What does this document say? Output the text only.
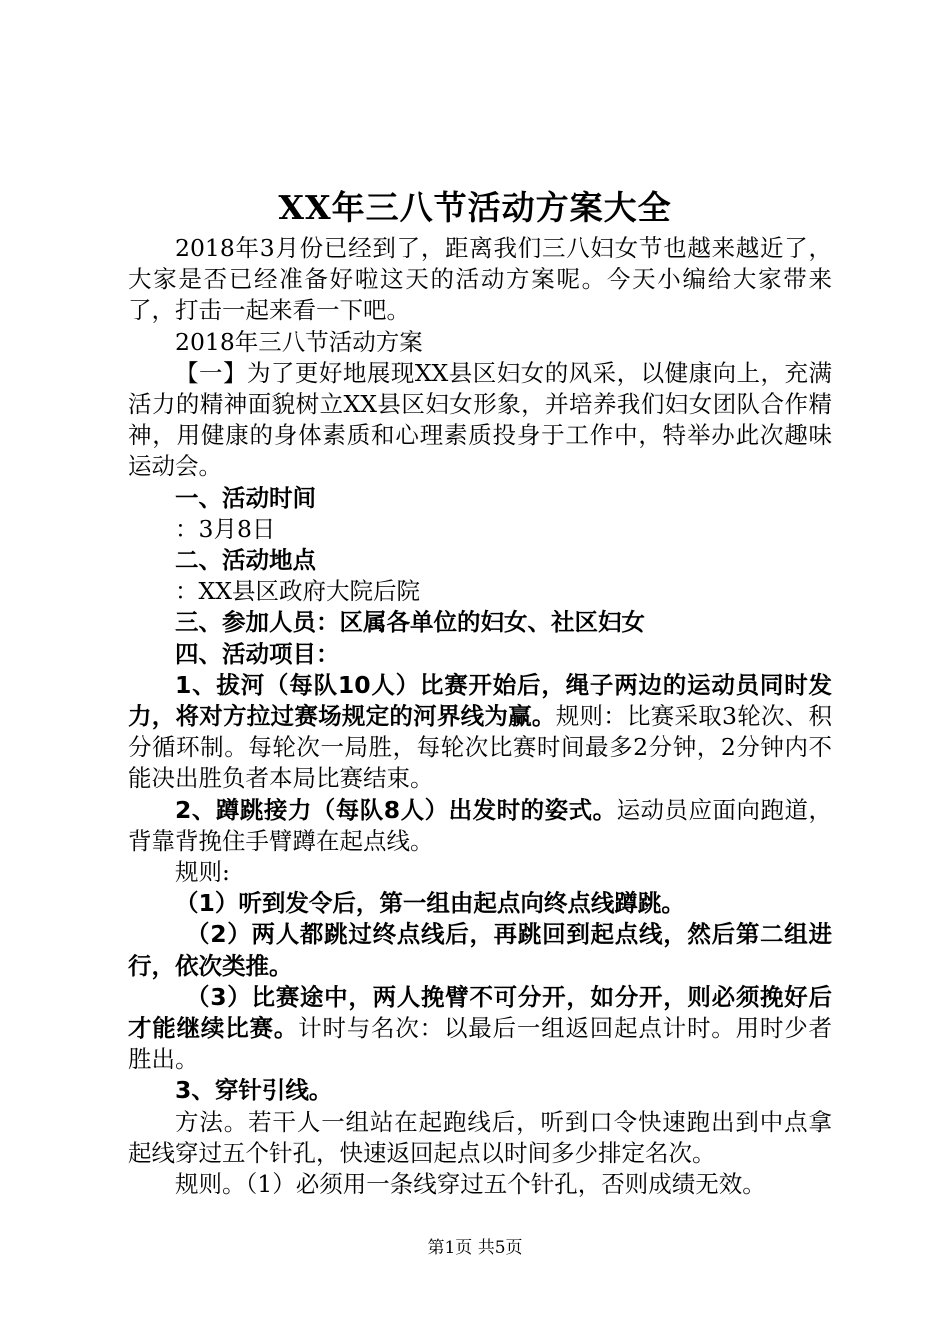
XX年三八节活动方案大全

2018年3月份已经到了，距离我们三八妇女节也越来越近了，大家是否已经准备好啦这天的活动方案呢。今天小编给大家带来了，打击一起来看一下吧。

2018年三八节活动方案

【一】为了更好地展现XX县区妇女的风采，以健康向上，充满活力的精神面貌树立XX县区妇女形象，并培养我们妇女团队合作精神，用健康的身体素质和心理素质投身于工作中，特举办此次趣味运动会。

一、活动时间

：3月8日

二、活动地点

：XX县区政府大院后院

三、参加人员：区属各单位的妇女、社区妇女

四、活动项目：

1、拔河（每队10人）比赛开始后，绳子两边的运动员同时发力，将对方拉过赛场规定的河界线为赢。规则：比赛采取3轮次、积分循环制。每轮次一局胜，每轮次比赛时间最多2分钟，2分钟内不能决出胜负者本局比赛结束。

2、蹲跳接力（每队8人）出发时的姿式。运动员应面向跑道，背靠背挽住手臂蹲在起点线。

规则:

（1）听到发令后，第一组由起点向终点线蹲跳。

（2）两人都跳过终点线后，再跳回到起点线，然后第二组进行，依次类推。

（3）比赛途中，两人挽臂不可分开，如分开，则必须挽好后才能继续比赛。计时与名次：以最后一组返回起点计时。用时少者胜出。

3、穿针引线。

方法。若干人一组站在起跑线后，听到口令快速跑出到中点拿起线穿过五个针孔，快速返回起点以时间多少排定名次。

规则。（1）必须用一条线穿过五个针孔，否则成绩无效。

第1页 共5页
